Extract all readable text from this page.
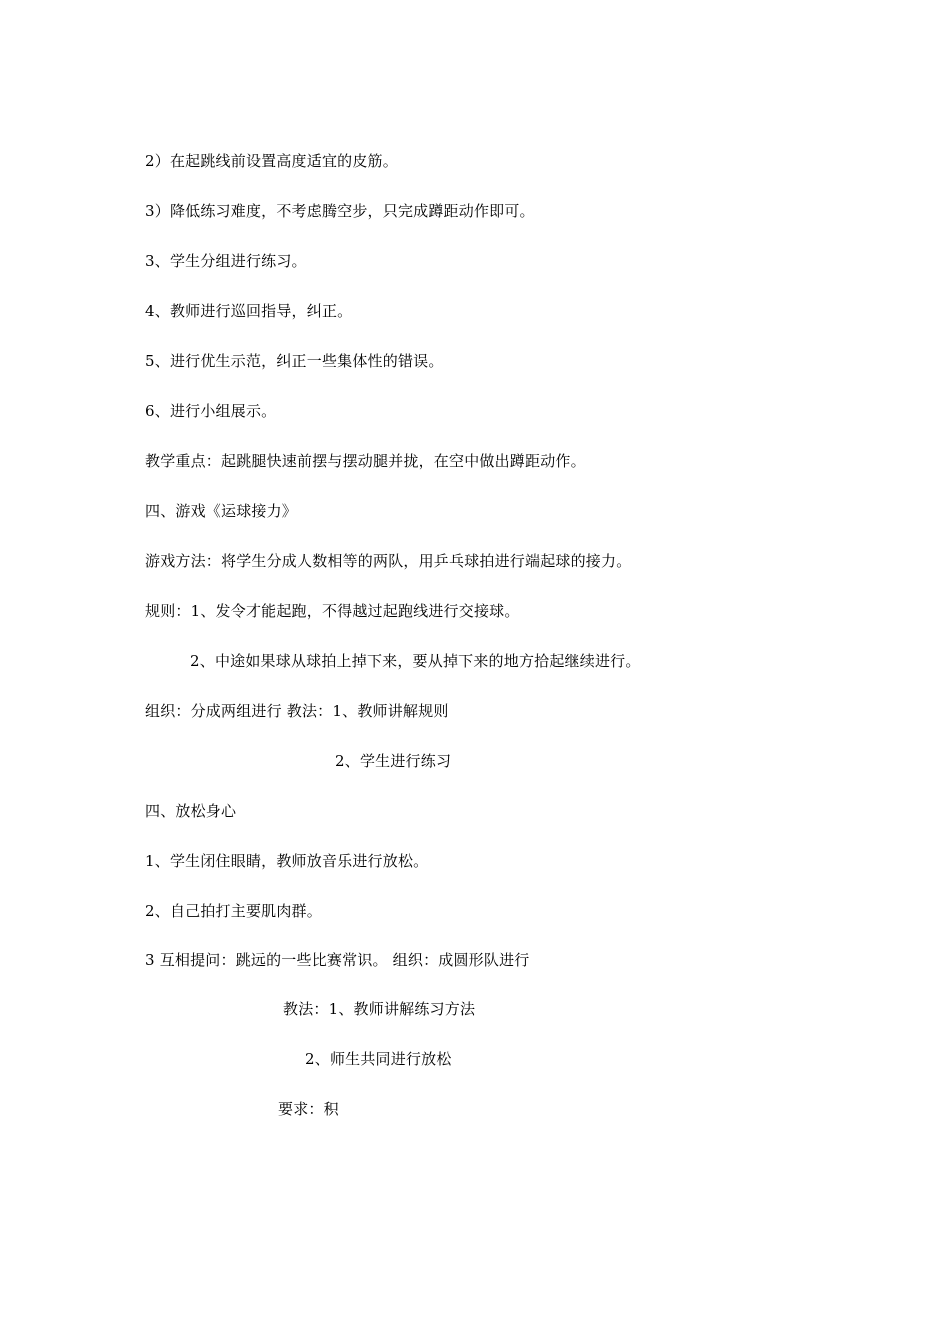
2）在起跳线前设置高度适宜的皮筋。
3）降低练习难度，不考虑腾空步，只完成蹲距动作即可。
3、学生分组进行练习。
4、教师进行巡回指导，纠正。
5、进行优生示范，纠正一些集体性的错误。
6、进行小组展示。
教学重点：起跳腿快速前摆与摆动腿并拢，在空中做出蹲距动作。
四、游戏《运球接力》
游戏方法：将学生分成人数相等的两队，用乒乓球拍进行端起球的接力。
规则：1、发令才能起跑，不得越过起跑线进行交接球。
2、中途如果球从球拍上掉下来，要从掉下来的地方拾起继续进行。
组织：分成两组进行 教法：1、教师讲解规则
2、学生进行练习
四、放松身心
1、学生闭住眼睛，教师放音乐进行放松。
2、自己拍打主要肌肉群。
3 互相提问：跳远的一些比赛常识。 组织：成圆形队进行
教法：1、教师讲解练习方法
2、师生共同进行放松
要求：积
